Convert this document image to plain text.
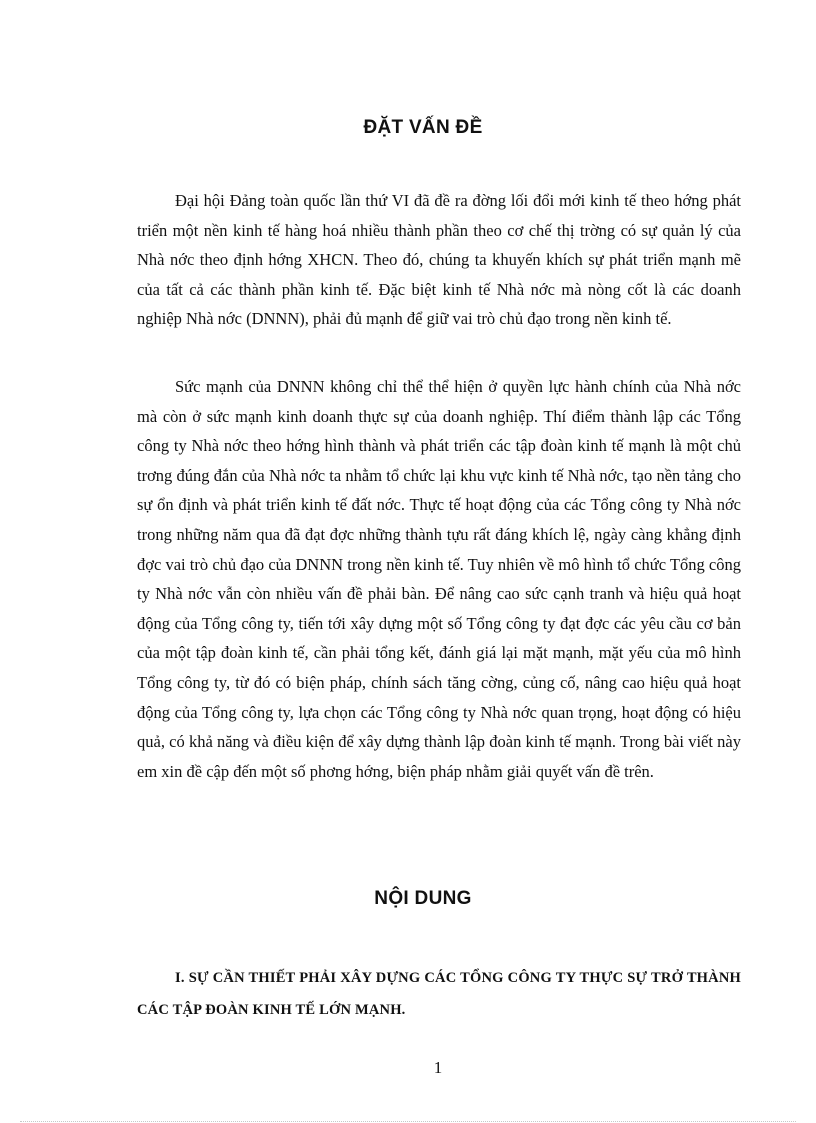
ĐẶT VẤN ĐỀ

Đại hội Đảng toàn quốc lần thứ VI đã đề ra đờng lối đổi mới kinh tế theo hớng phát triển một nền kinh tế hàng hoá nhiều thành phần theo cơ chế thị trờng có sự quản lý của Nhà nớc theo định hớng XHCN. Theo đó, chúng ta khuyến khích sự phát triển mạnh mẽ của tất cả các thành phần kinh tế. Đặc biệt kinh tế Nhà nớc mà nòng cốt là các doanh nghiệp Nhà nớc (DNNN), phải đủ mạnh để giữ vai trò chủ đạo trong nền kinh tế.

Sức mạnh của DNNN không chỉ thể thể hiện ở quyền lực hành chính của Nhà nớc mà còn ở sức mạnh kinh doanh thực sự của doanh nghiệp. Thí điểm thành lập các Tổng công ty Nhà nớc theo hớng hình thành và phát triển các tập đoàn kinh tế mạnh là một chủ trơng đúng đắn của Nhà nớc ta nhằm tổ chức lại khu vực kinh tế Nhà nớc, tạo nền tảng cho sự ổn định và phát triển kinh tế đất nớc. Thực tế hoạt động của các Tổng công ty Nhà nớc trong những năm qua đã đạt đợc những thành tựu rất đáng khích lệ, ngày càng khẳng định đợc vai trò chủ đạo của DNNN trong nền kinh tế. Tuy nhiên về mô hình tổ chức Tổng công ty Nhà nớc vẫn còn nhiều vấn đề phải bàn. Để nâng cao sức cạnh tranh và hiệu quả hoạt động của Tổng công ty, tiến tới xây dựng một số Tổng công ty đạt đợc các yêu cầu cơ bản của một tập đoàn kinh tế, cần phải tổng kết, đánh giá lại mặt mạnh, mặt yếu của mô hình Tổng công ty, từ đó có biện pháp, chính sách tăng cờng, củng cố, nâng cao hiệu quả hoạt động của Tổng công ty, lựa chọn các Tổng công ty Nhà nớc quan trọng, hoạt động có hiệu quả, có khả năng và điều kiện để xây dựng thành lập đoàn kinh tế mạnh. Trong bài viết này em xin đề cập đến một số phơng hớng, biện pháp nhằm giải quyết vấn đề trên.

NỘI DUNG

I. SỰ CẦN THIẾT PHẢI XÂY DỰNG CÁC TỔNG CÔNG TY THỰC SỰ TRỞ THÀNH CÁC TẬP ĐOÀN KINH TẾ LỚN MẠNH.

1
